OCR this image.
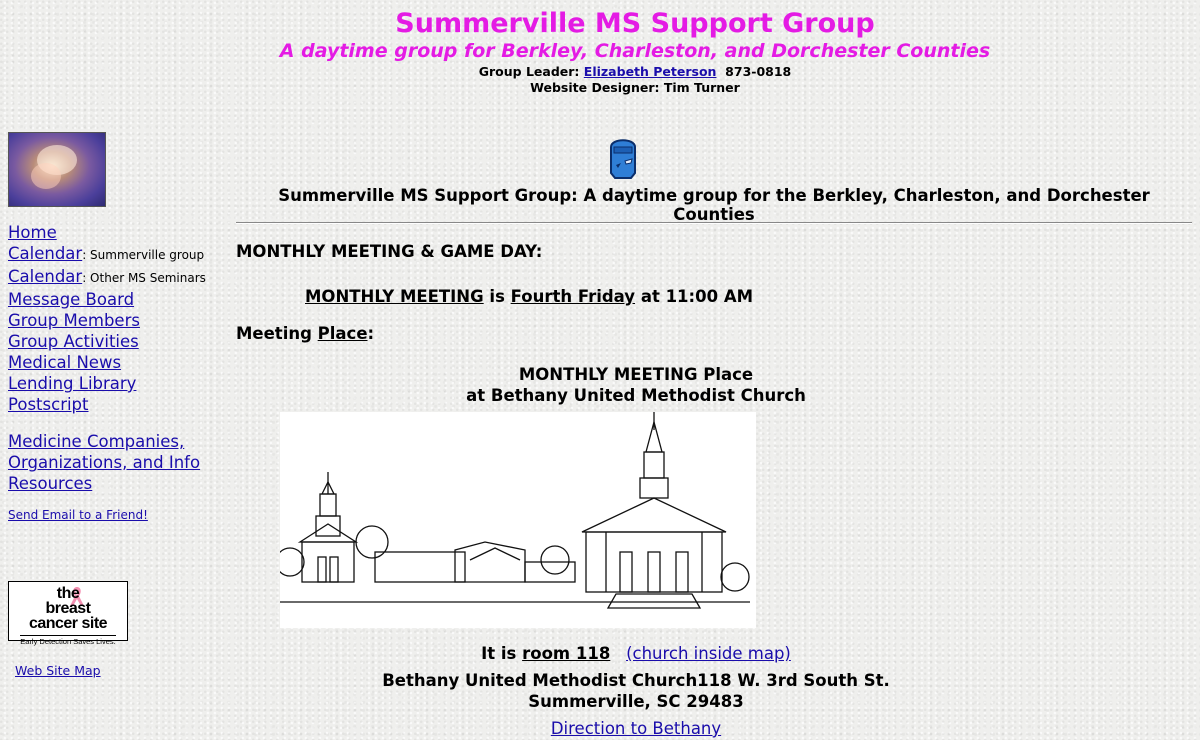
Summerville MS Support Group
A daytime group for Berkley, Charleston, and Dorchester Counties
Group Leader: Elizabeth Peterson 873-0818
Website Designer: Tim Turner
Home
Calendar: Summerville group
Calendar: Other MS Seminars
Message Board
Group Members
Group Activities
Medical News
Lending Library
Postscript
Medicine Companies,
Organizations, and Info
Resources
Send Email to a Friend!
the
breast
cancer site
Early Detection Saves Lives.
Web Site Map
Summerville MS Support Group: A daytime group for the Berkley, Charleston, and Dorchester Counties
MONTHLY MEETING & GAME DAY:
MONTHLY MEETING is Fourth Friday at 11:00 AM
Meeting Place:
MONTHLY MEETING Place
at Bethany United Methodist Church
It is room 118 (church inside map)
Bethany United Methodist Church118 W. 3rd South St.
Summerville, SC 29483
Direction to Bethany
